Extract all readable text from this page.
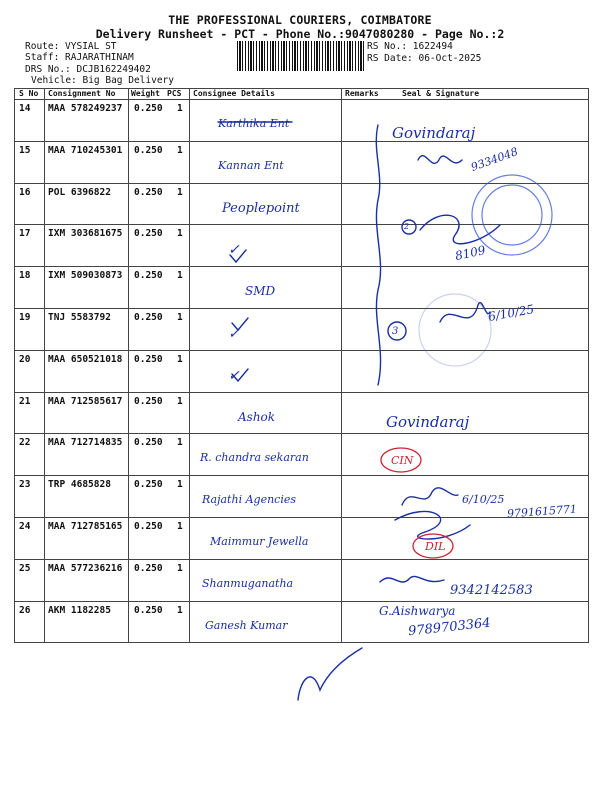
THE PROFESSIONAL COURIERS, COIMBATORE
Delivery Runsheet - PCT - Phone No.:9047080280 - Page No.:2
Route: VYSIAL ST
Staff: RAJARATHINAM
DRS No.: DCJB162249402
Vehicle: Big Bag Delivery
RS No.: 1622494
RS Date: 06-Oct-2025
S No Consignment No Weight PCS Consignee Details	Remarks	Seal & Signature
14 MAA 578249237 0.250 1
Karthika Ent
15 MAA 710245301 0.250 1
Kannan Ent
16 POL 6396822 0.250 1
Peoplepoint
17 IXM 303681675 0.250 1
✓
18 IXM 509030873 0.250 1
SMD
19 TNJ 5583792 0.250 1
✓
20 MAA 650521018 0.250 1
✓
21 MAA 712585617 0.250 1
Ashok
22 MAA 712714835 0.250 1
R. chandra sekaran
23 TRP 4685828 0.250 1
Rajathi Agencies
24 MAA 712785165 0.250 1
Maimmur Jewella
25 MAA 577236216 0.250 1
Shanmuganatha
26 AKM 1182285 0.250 1
Ganesh Kumar
Govindaraj
9334048
8109
6/10/25
Govindaraj
CIN
6/10/25
9791615771
DIL
9342142583
G.Aishwarya
9789703364
2
3
